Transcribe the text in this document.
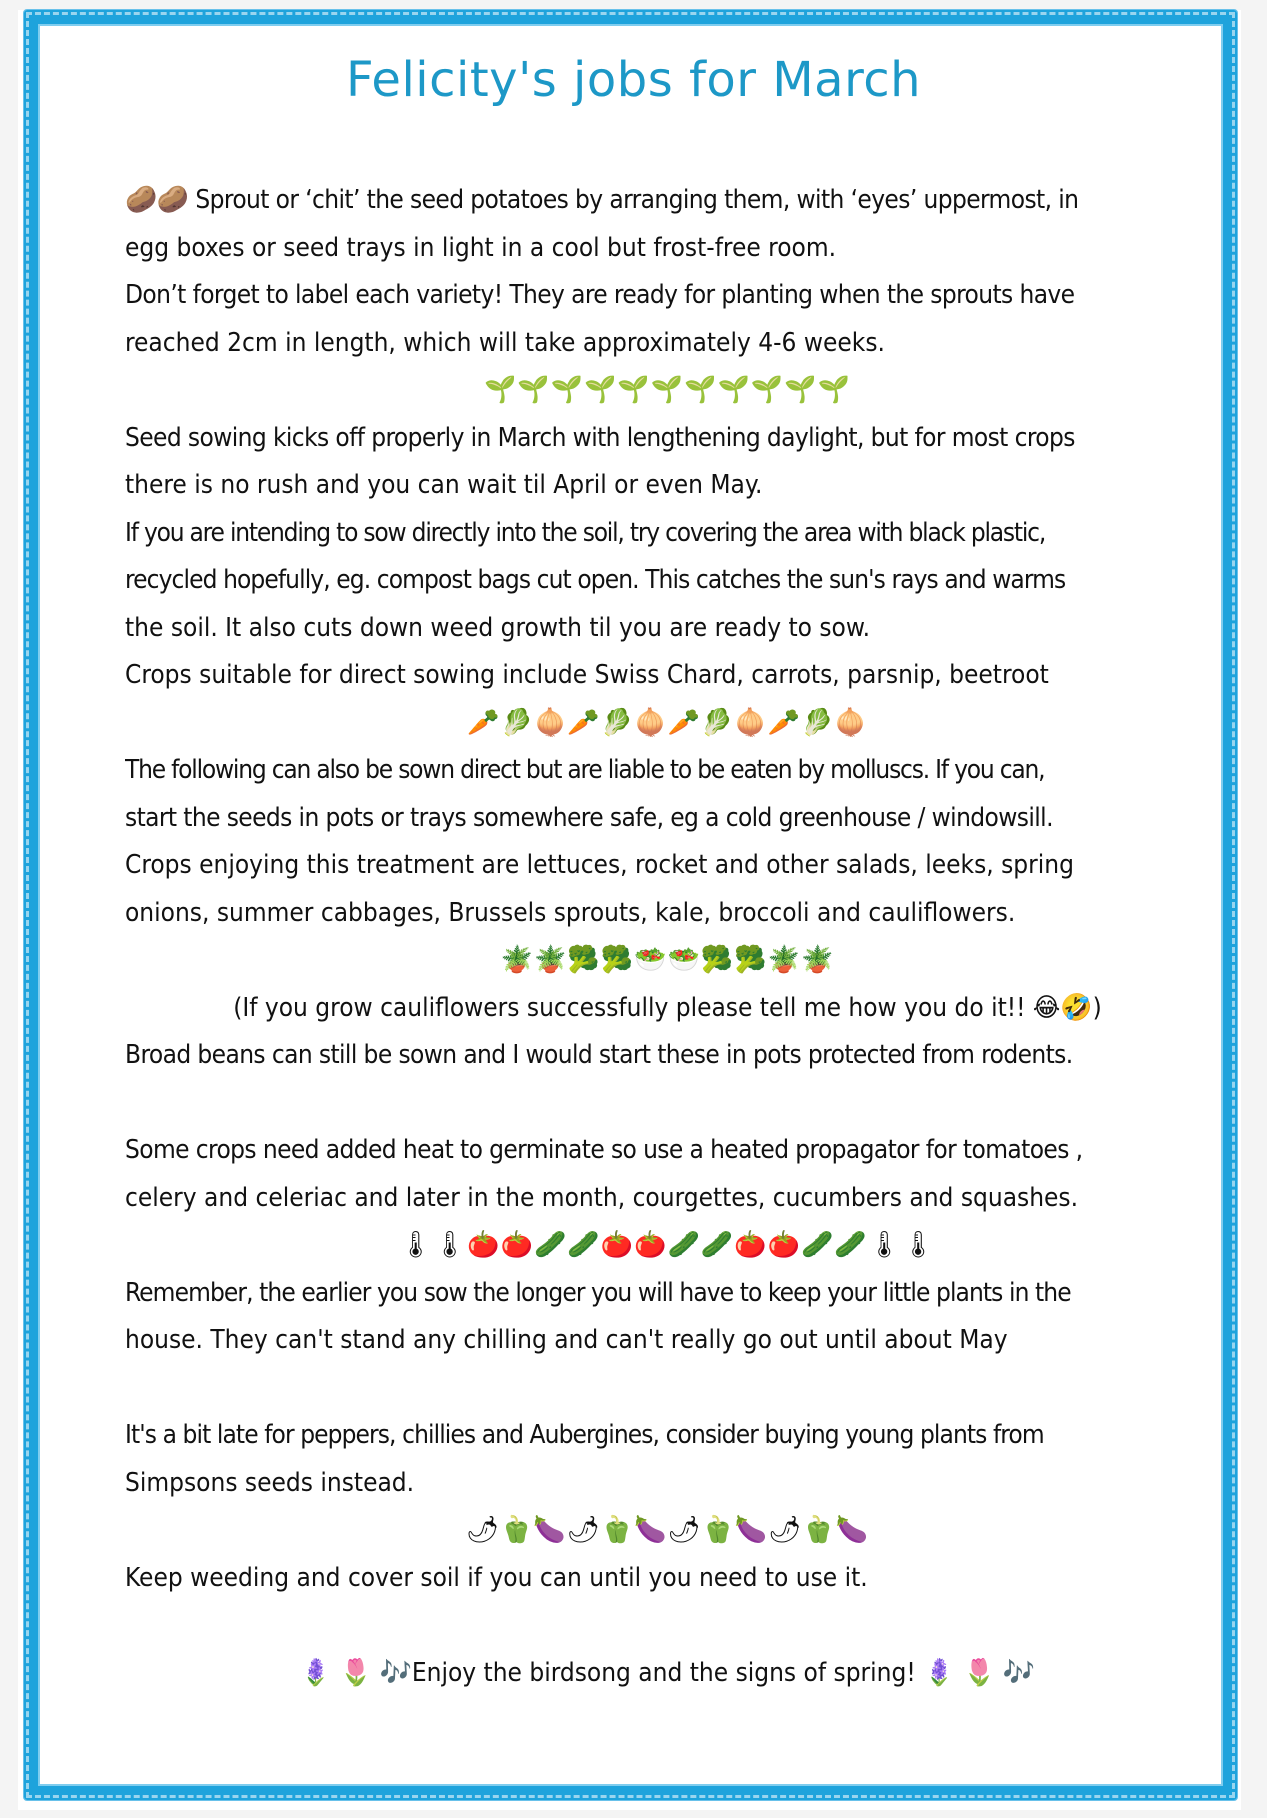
Felicity's jobs for March
🥔🥔 Sprout or ‘chit’ the seed potatoes by arranging them, with ‘eyes’ uppermost, in
egg boxes or seed trays in light in a cool but frost-free room.
Don’t forget to label each variety! They are ready for planting when the sprouts have
reached 2cm in length, which will take approximately 4-6 weeks.
🌱🌱🌱🌱🌱🌱🌱🌱🌱🌱🌱
Seed sowing kicks off properly in March with lengthening daylight, but for most crops
there is no rush and you can wait til April or even May.
If you are intending to sow directly into the soil, try covering the area with black plastic,
recycled hopefully, eg. compost bags cut open. This catches the sun's rays and warms
the soil. It also cuts down weed growth til you are ready to sow.
Crops suitable for direct sowing include Swiss Chard, carrots, parsnip, beetroot
🥕🥬🧅🥕🥬🧅🥕🥬🧅🥕🥬🧅
The following can also be sown direct but are liable to be eaten by molluscs. If you can,
start the seeds in pots or trays somewhere safe, eg a cold greenhouse / windowsill.
Crops enjoying this treatment are lettuces, rocket and other salads, leeks, spring
onions, summer cabbages, Brussels sprouts, kale, broccoli and cauliflowers.
🪴🪴🥦🥦🥗🥗🥦🥦🪴🪴
(If you grow cauliflowers successfully please tell me how you do it!! 😂🤣)
Broad beans can still be sown and I would start these in pots protected from rodents.
Some crops need added heat to germinate so use a heated propagator for tomatoes ,
celery and celeriac and later in the month, courgettes, cucumbers and squashes.
🌡🌡🍅🍅🥒🥒🍅🍅🥒🥒🍅🍅🥒🥒🌡🌡
Remember, the earlier you sow the longer you will have to keep your little plants in the
house. They can't stand any chilling and can't really go out until about May
It's a bit late for peppers, chillies and Aubergines, consider buying young plants from
Simpsons seeds instead.
🌶🫑🍆🌶🫑🍆🌶🫑🍆🌶🫑🍆
Keep weeding and cover soil if you can until you need to use it.
🪻 🌷 🎶Enjoy the birdsong and the signs of spring! 🪻 🌷 🎶
